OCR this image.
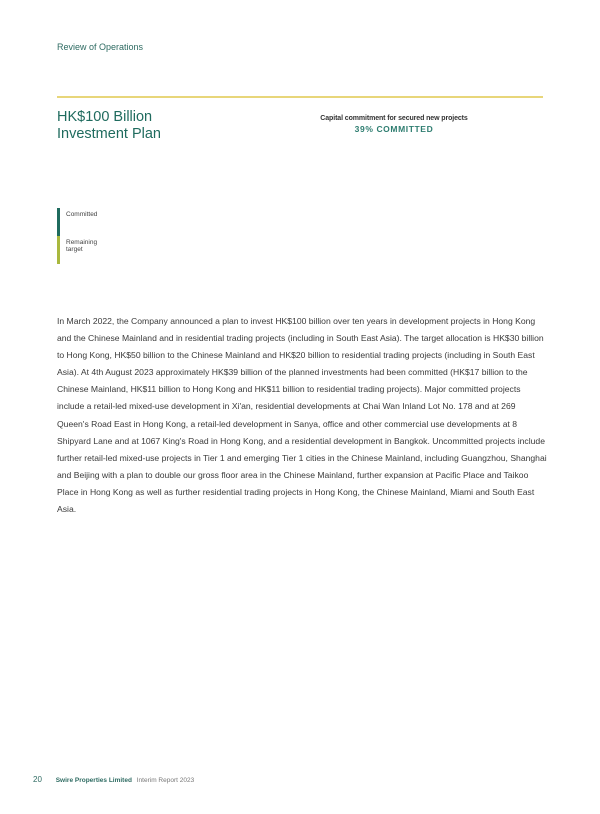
Review of Operations
HK$100 Billion
Investment Plan
Capital commitment for secured new projects
39% COMMITTED
Committed
Remaining target
In March 2022, the Company announced a plan to invest HK$100 billion over ten years in development projects in Hong Kong and the Chinese Mainland and in residential trading projects (including in South East Asia). The target allocation is HK$30 billion to Hong Kong, HK$50 billion to the Chinese Mainland and HK$20 billion to residential trading projects (including in South East Asia). At 4th August 2023 approximately HK$39 billion of the planned investments had been committed (HK$17 billion to the Chinese Mainland, HK$11 billion to Hong Kong and HK$11 billion to residential trading projects). Major committed projects include a retail-led mixed-use development in Xi'an, residential developments at Chai Wan Inland Lot No. 178 and at 269 Queen's Road East in Hong Kong, a retail-led development in Sanya, office and other commercial use developments at 8 Shipyard Lane and at 1067 King's Road in Hong Kong, and a residential development in Bangkok. Uncommitted projects include further retail-led mixed-use projects in Tier 1 and emerging Tier 1 cities in the Chinese Mainland, including Guangzhou, Shanghai and Beijing with a plan to double our gross floor area in the Chinese Mainland, further expansion at Pacific Place and Taikoo Place in Hong Kong as well as further residential trading projects in Hong Kong, the Chinese Mainland, Miami and South East Asia.
20 Swire Properties Limited Interim Report 2023
